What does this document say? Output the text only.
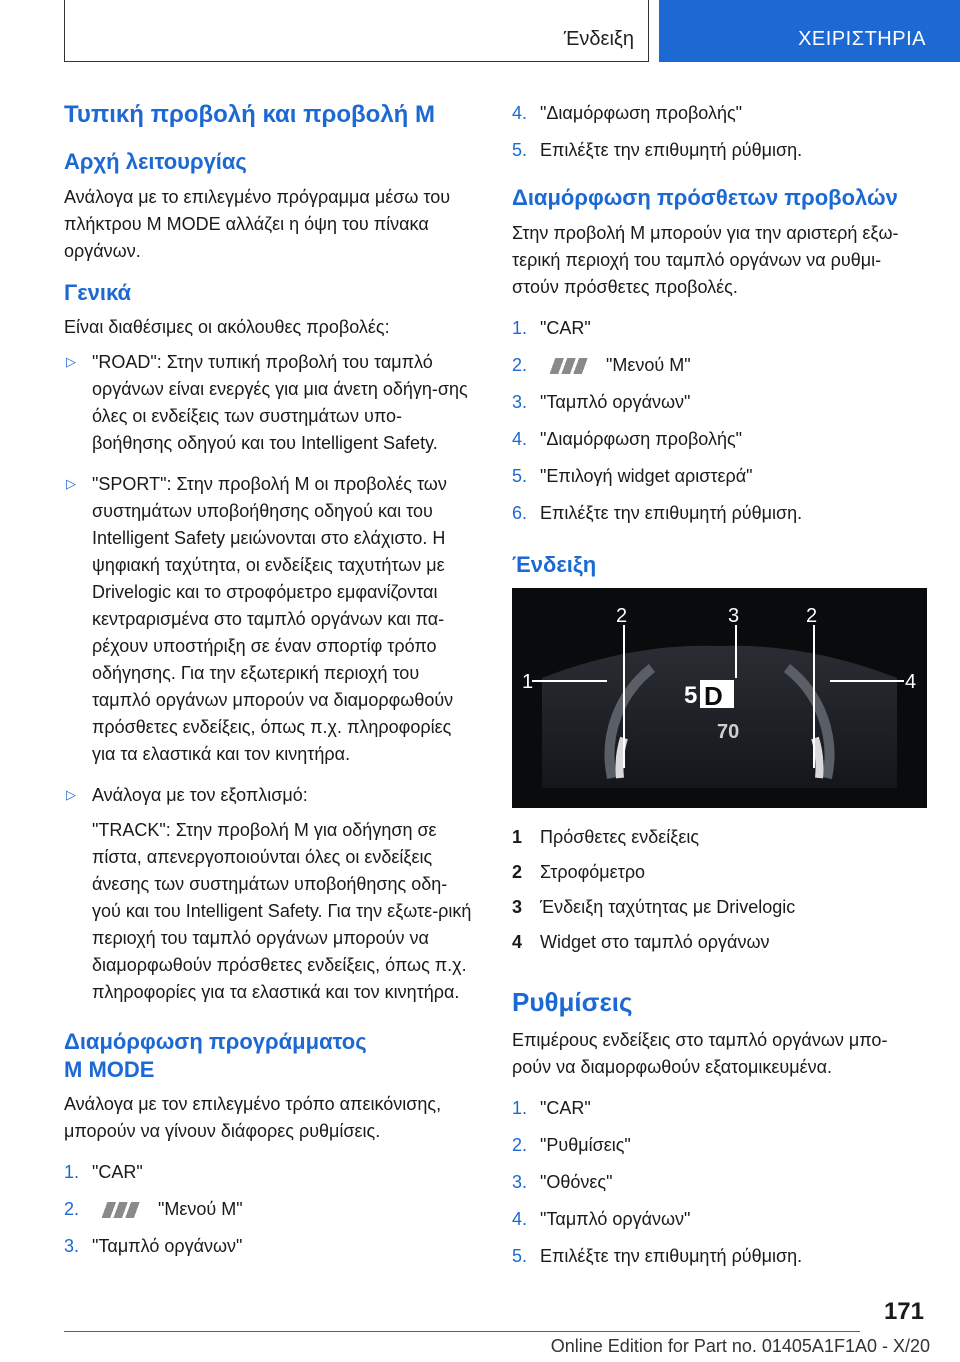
Ένδειξη	ΧΕΙΡΙΣΤΗΡΙΑ
Τυπική προβολή και προβολή Μ
Αρχή λειτουργίας

Ανάλογα με το επιλεγμένο πρόγραμμα μέσω του πλήκτρου M MODE αλλάζει η όψη του πίνακα οργάνων.

Γενικά

Είναι διαθέσιμες οι ακόλουθες προβολές:

▷ "ROAD": Στην τυπική προβολή του ταμπλό οργάνων είναι ενεργές για μια άνετη οδήγη-σης όλες οι ενδείξεις των συστημάτων υπο-βοήθησης οδηγού και του Intelligent Safety.
▷ "SPORT": Στην προβολή M οι προβολές των συστημάτων υποβοήθησης οδηγού και του Intelligent Safety μειώνονται στο ελάχιστο. Η ψηφιακή ταχύτητα, οι ενδείξεις ταχυτήτων με Drivelogic και το στροφόμετρο εμφανίζονται κεντραρισμένα στο ταμπλό οργάνων και πα-ρέχουν υποστήριξη σε έναν σπορτίφ τρόπο οδήγησης. Για την εξωτερική περιοχή του ταμπλό οργάνων μπορούν να διαμορφωθούν πρόσθετες ενδείξεις, όπως π.χ. πληροφορίες για τα ελαστικά και τον κινητήρα.
▷ Ανάλογα με τον εξοπλισμό:
"TRACK": Στην προβολή M για οδήγηση σε πίστα, απενεργοποιούνται όλες οι ενδείξεις άνεσης των συστημάτων υποβοήθησης οδη-γού και του Intelligent Safety. Για την εξωτε-ρική περιοχή του ταμπλό οργάνων μπορούν να διαμορφωθούν πρόσθετες ενδείξεις, όπως π.χ. πληροφορίες για τα ελαστικά και τον κινητήρα.
Διαμόρφωση προγράμματος
M MODE

Ανάλογα με τον επιλεγμένο τρόπο απεικόνισης, μπορούν να γίνουν διάφορες ρυθμίσεις.

1. "CAR"
2.	"Μενού M"
3. "Ταμπλό οργάνων"
4. "Διαμόρφωση προβολής"
5. Επιλέξτε την επιθυμητή ρύθμιση.
Διαμόρφωση πρόσθετων προβολών

Στην προβολή M μπορούν για την αριστερή εξω-τερική περιοχή του ταμπλό οργάνων να ρυθμι-στούν πρόσθετες προβολές.

1. "CAR"
2.	"Μενού M"
3. "Ταμπλό οργάνων"
4. "Διαμόρφωση προβολής"
5. "Επιλογή widget αριστερά"
6. Επιλέξτε την επιθυμητή ρύθμιση.
Ένδειξη
1
2	3	2
4
5 D
70
1 Πρόσθετες ενδείξεις
2 Στροφόμετρο
3 Ένδειξη ταχύτητας με Drivelogic
4 Widget στο ταμπλό οργάνων
Ρυθμίσεις

Επιμέρους ενδείξεις στο ταμπλό οργάνων μπο-ρούν να διαμορφωθούν εξατομικευμένα.

1. "CAR"
2. "Ρυθμίσεις"
3. "Οθόνες"
4. "Ταμπλό οργάνων"
5. Επιλέξτε την επιθυμητή ρύθμιση.
171
Online Edition for Part no. 01405A1F1A0 - X/20
